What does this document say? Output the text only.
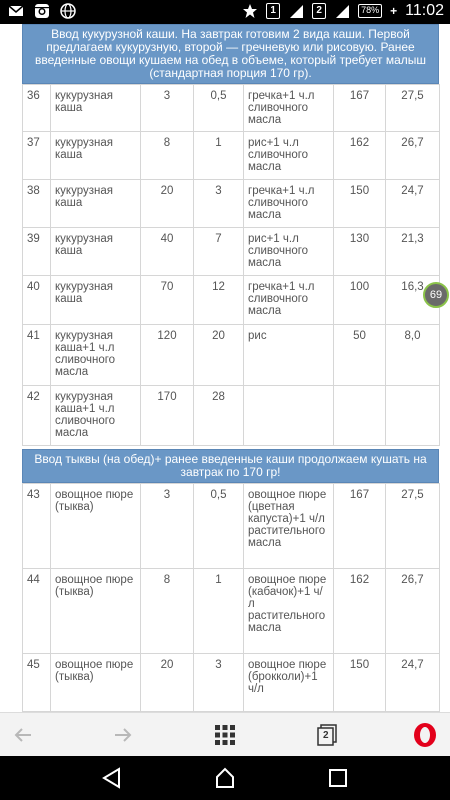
1	2	78% + 11:02
Ввод кукурузной каши. На завтрак готовим 2 вида каши. Первой предлагаем кукурузную, второй — гречневую или рисовую. Ранее введенные овощи кушаем на обед в объеме, который требует малыш (стандартная порция 170 гр).
36	кукурузная каша	3	0,5	гречка+1 ч.л сливочного масла	167	27,5
37	кукурузная каша	8	1	рис+1 ч.л сливочного масла	162	26,7
38	кукурузная каша	20	3	гречка+1 ч.л сливочного масла	150	24,7
39	кукурузная каша	40	7	рис+1 ч.л сливочного масла	130	21,3
40	кукурузная каша	70	12	гречка+1 ч.л сливочного масла	100	16,3
41	кукурузная каша+1 ч.л сливочного масла	120	20	рис	50	8,0
42	кукурузная каша+1 ч.л сливочного масла	170	28			
Ввод тыквы (на обед)+ ранее введенные каши продолжаем кушать на завтрак по 170 гр!
43	овощное пюре (тыква)	3	0,5	овощное пюре (цветная капуста)+1 ч/л растительного масла	167	27,5
44	овощное пюре (тыква)	8	1	овощное пюре (кабачок)+1 ч/л растительного масла	162	26,7
45	овощное пюре (тыква)	20	3	овощное пюре (брокколи)+1 ч/л	150	24,7
69
2
